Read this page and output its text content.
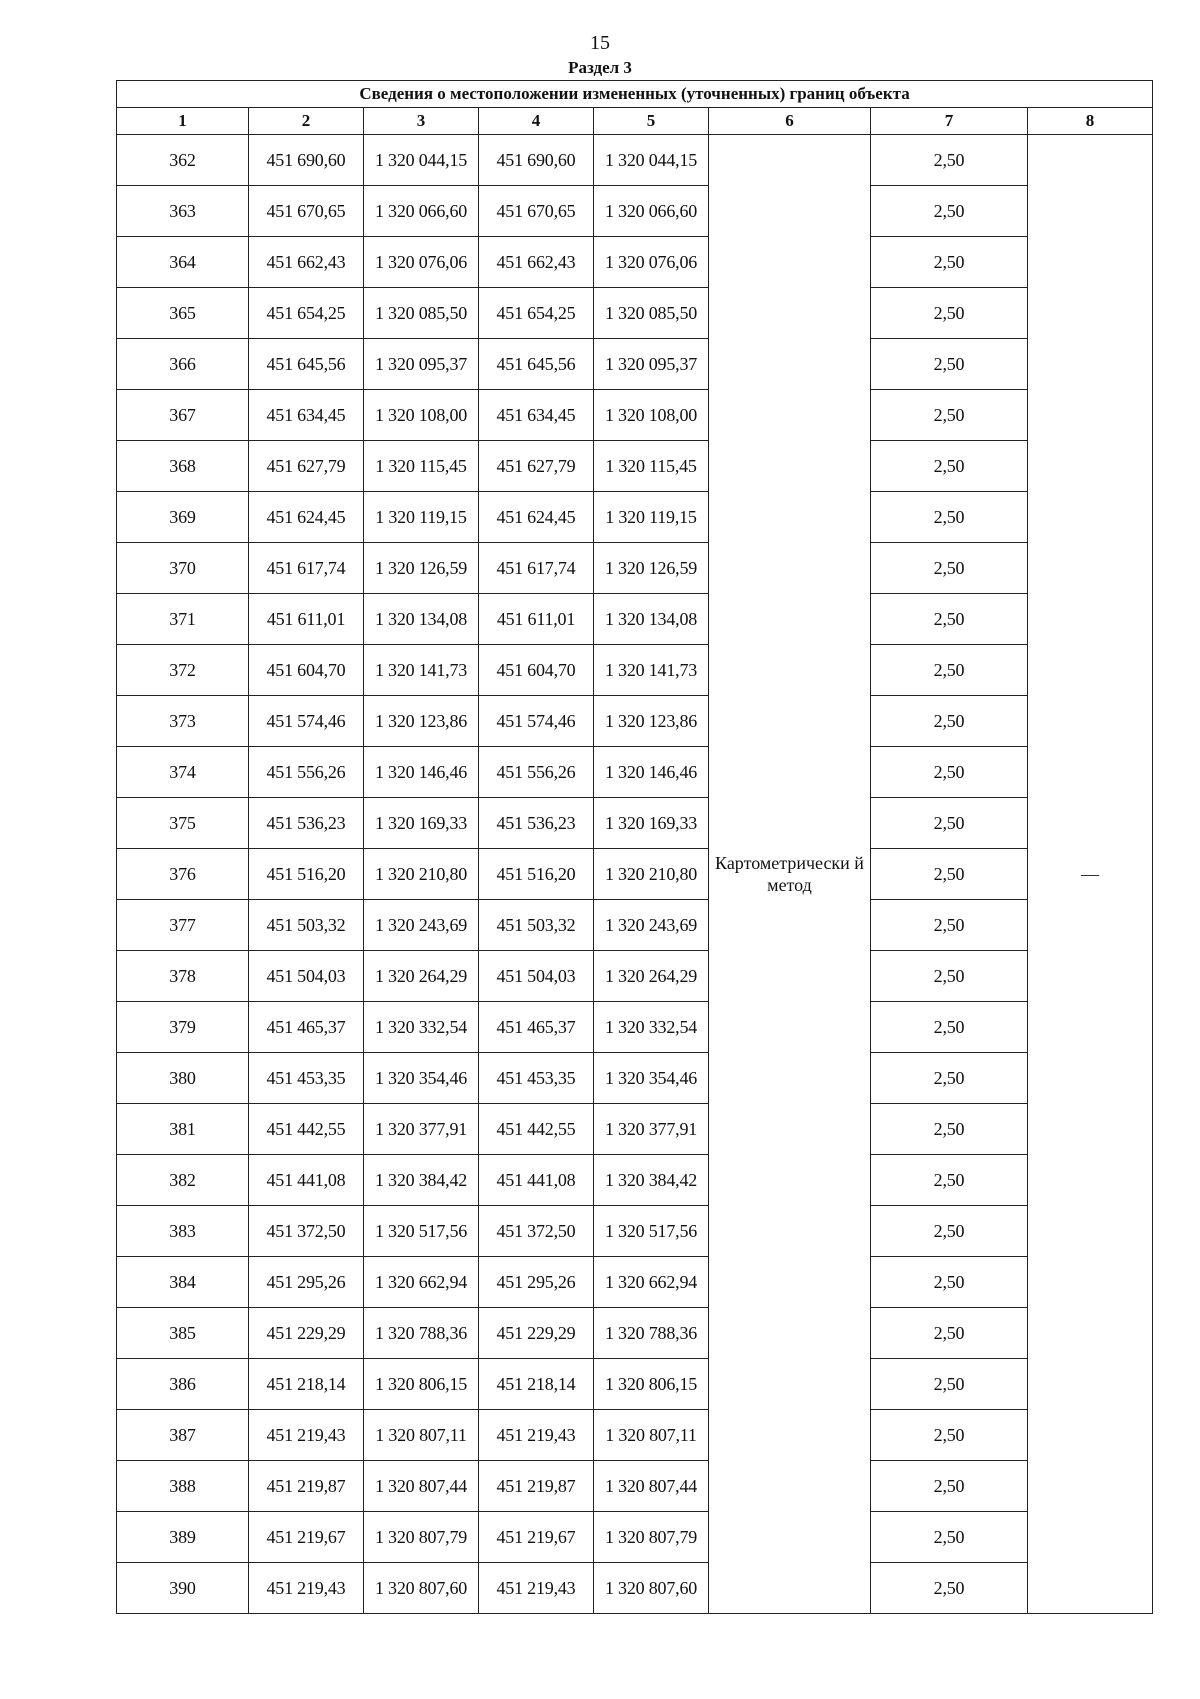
15
Раздел 3
Сведения о местоположении измененных (уточненных) границ объекта							
1	2	3	4	5	6	7	8
362	451 690,60	1 320 044,15	451 690,60	1 320 044,15	Картометрически й метод	2,50	—
363	451 670,65	1 320 066,60	451 670,65	1 320 066,60		2,50	
364	451 662,43	1 320 076,06	451 662,43	1 320 076,06		2,50	
365	451 654,25	1 320 085,50	451 654,25	1 320 085,50		2,50	
366	451 645,56	1 320 095,37	451 645,56	1 320 095,37		2,50	
367	451 634,45	1 320 108,00	451 634,45	1 320 108,00		2,50	
368	451 627,79	1 320 115,45	451 627,79	1 320 115,45		2,50	
369	451 624,45	1 320 119,15	451 624,45	1 320 119,15		2,50	
370	451 617,74	1 320 126,59	451 617,74	1 320 126,59		2,50	
371	451 611,01	1 320 134,08	451 611,01	1 320 134,08		2,50	
372	451 604,70	1 320 141,73	451 604,70	1 320 141,73		2,50	
373	451 574,46	1 320 123,86	451 574,46	1 320 123,86		2,50	
374	451 556,26	1 320 146,46	451 556,26	1 320 146,46		2,50	
375	451 536,23	1 320 169,33	451 536,23	1 320 169,33		2,50	
376	451 516,20	1 320 210,80	451 516,20	1 320 210,80		2,50	
377	451 503,32	1 320 243,69	451 503,32	1 320 243,69		2,50	
378	451 504,03	1 320 264,29	451 504,03	1 320 264,29		2,50	
379	451 465,37	1 320 332,54	451 465,37	1 320 332,54		2,50	
380	451 453,35	1 320 354,46	451 453,35	1 320 354,46		2,50	
381	451 442,55	1 320 377,91	451 442,55	1 320 377,91		2,50	
382	451 441,08	1 320 384,42	451 441,08	1 320 384,42		2,50	
383	451 372,50	1 320 517,56	451 372,50	1 320 517,56		2,50	
384	451 295,26	1 320 662,94	451 295,26	1 320 662,94		2,50	
385	451 229,29	1 320 788,36	451 229,29	1 320 788,36		2,50	
386	451 218,14	1 320 806,15	451 218,14	1 320 806,15		2,50	
387	451 219,43	1 320 807,11	451 219,43	1 320 807,11		2,50	
388	451 219,87	1 320 807,44	451 219,87	1 320 807,44		2,50	
389	451 219,67	1 320 807,79	451 219,67	1 320 807,79		2,50	
390	451 219,43	1 320 807,60	451 219,43	1 320 807,60		2,50	
